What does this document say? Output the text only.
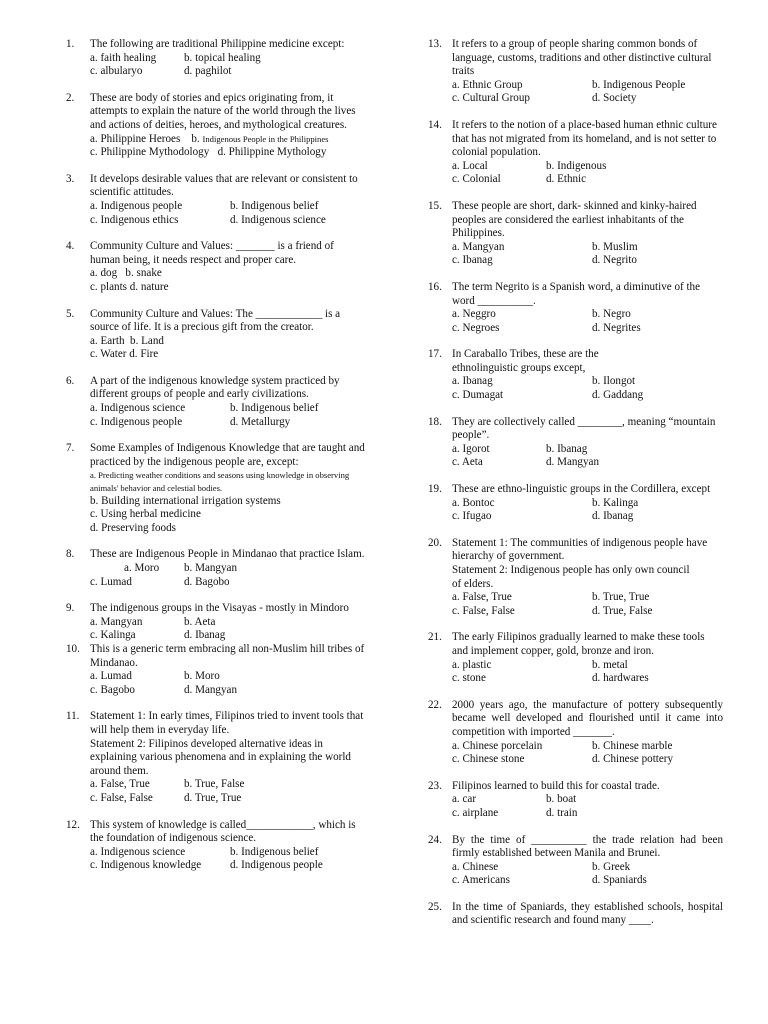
1. The following are traditional Philippine medicine except:
a. faith healing	b. topical healing
c. albularyo	d. paghilot
2. These are body of stories and epics originating from, it attempts to explain the nature of the world through the lives and actions of deities, heroes, and mythological creatures.
a. Philippine Heroes b. Indigenous People in the Philippines
c. Philippine Mythodology   d. Philippine Mythology
3. It develops desirable values that are relevant or consistent to scientific attitudes.
a. Indigenous people	b. Indigenous belief
c. Indigenous ethics	d. Indigenous science
4. Community Culture and Values: _______ is a friend of human being, it needs respect and proper care.
a. dog   b. snake
c. plants d. nature
5. Community Culture and Values: The ____________ is a source of life. It is a precious gift from the creator.
a. Earth  b. Land
c. Water d. Fire
6. A part of the indigenous knowledge system practiced by different groups of people and early civilizations.
a. Indigenous science	b. Indigenous belief
c. Indigenous people	d. Metallurgy
7. Some Examples of Indigenous Knowledge that are taught and practiced by the indigenous people are, except:
a. Predicting weather conditions and seasons using knowledge in observing animals' behavior and celestial bodies.
b. Building international irrigation systems
c. Using herbal medicine
d. Preserving foods
8. These are Indigenous People in Mindanao that practice Islam.
a. Moro	b. Mangyan
c. Lumad	d. Bagobo
9. The indigenous groups in the Visayas - mostly in Mindoro
a. Mangyan	b. Aeta
c. Kalinga	d. Ibanag
10. This is a generic term embracing all non-Muslim hill tribes of Mindanao.
a. Lumad	b. Moro
c. Bagobo	d. Mangyan
11. Statement 1: In early times, Filipinos tried to invent tools that will help them in everyday life.
Statement 2: Filipinos developed alternative ideas in explaining various phenomena and in explaining the world around them.
a. False, True	b. True, False
c. False, False	d. True, True
12. This system of knowledge is called____________, which is the foundation of indigenous science.
a. Indigenous science	b. Indigenous belief
c. Indigenous knowledge	d. Indigenous people
13. It refers to a group of people sharing common bonds of language, customs, traditions and other distinctive cultural traits
a. Ethnic Group	b. Indigenous People
c. Cultural Group	d. Society
14. It refers to the notion of a place-based human ethnic culture that has not migrated from its homeland, and is not setter to colonial population.
a. Local	b. Indigenous
c. Colonial	d. Ethnic
15. These people are short, dark- skinned and kinky-haired peoples are considered the earliest inhabitants of the Philippines.
a. Mangyan	b. Muslim
c. Ibanag	d. Negrito
16. The term Negrito is a Spanish word, a diminutive of the word __________.
a. Neggro	b. Negro
c. Negroes	d. Negrites
17. In Caraballo Tribes, these are the ethnolinguistic groups except,
a. Ibanag	b. Ilongot
c. Dumagat	d. Gaddang
18. They are collectively called ________, meaning “mountain people”.
a. Igorot	b. Ibanag
c. Aeta	d. Mangyan
19. These are ethno-linguistic groups in the Cordillera, except
a. Bontoc	b. Kalinga
c. Ifugao	d. Ibanag
20. Statement 1: The communities of indigenous people have hierarchy of government.
Statement 2: Indigenous people has only own council of elders.
a. False, True	b. True, True
c. False, False	d. True, False
21. The early Filipinos gradually learned to make these tools and implement copper, gold, bronze and iron.
a. plastic	b. metal
c. stone	d. hardwares
22. 2000 years ago, the manufacture of pottery subsequently became well developed and flourished until it came into competition with imported _______.
a. Chinese porcelain	b. Chinese marble
c. Chinese stone	d. Chinese pottery
23. Filipinos learned to build this for coastal trade.
a. car	b. boat
c. airplane	d. train
24. By the time of __________ the trade relation had been firmly established between Manila and Brunei.
a. Chinese	b. Greek
c. Americans	d. Spaniards
25. In the time of Spaniards, they established schools, hospital and scientific research and found many ____.
